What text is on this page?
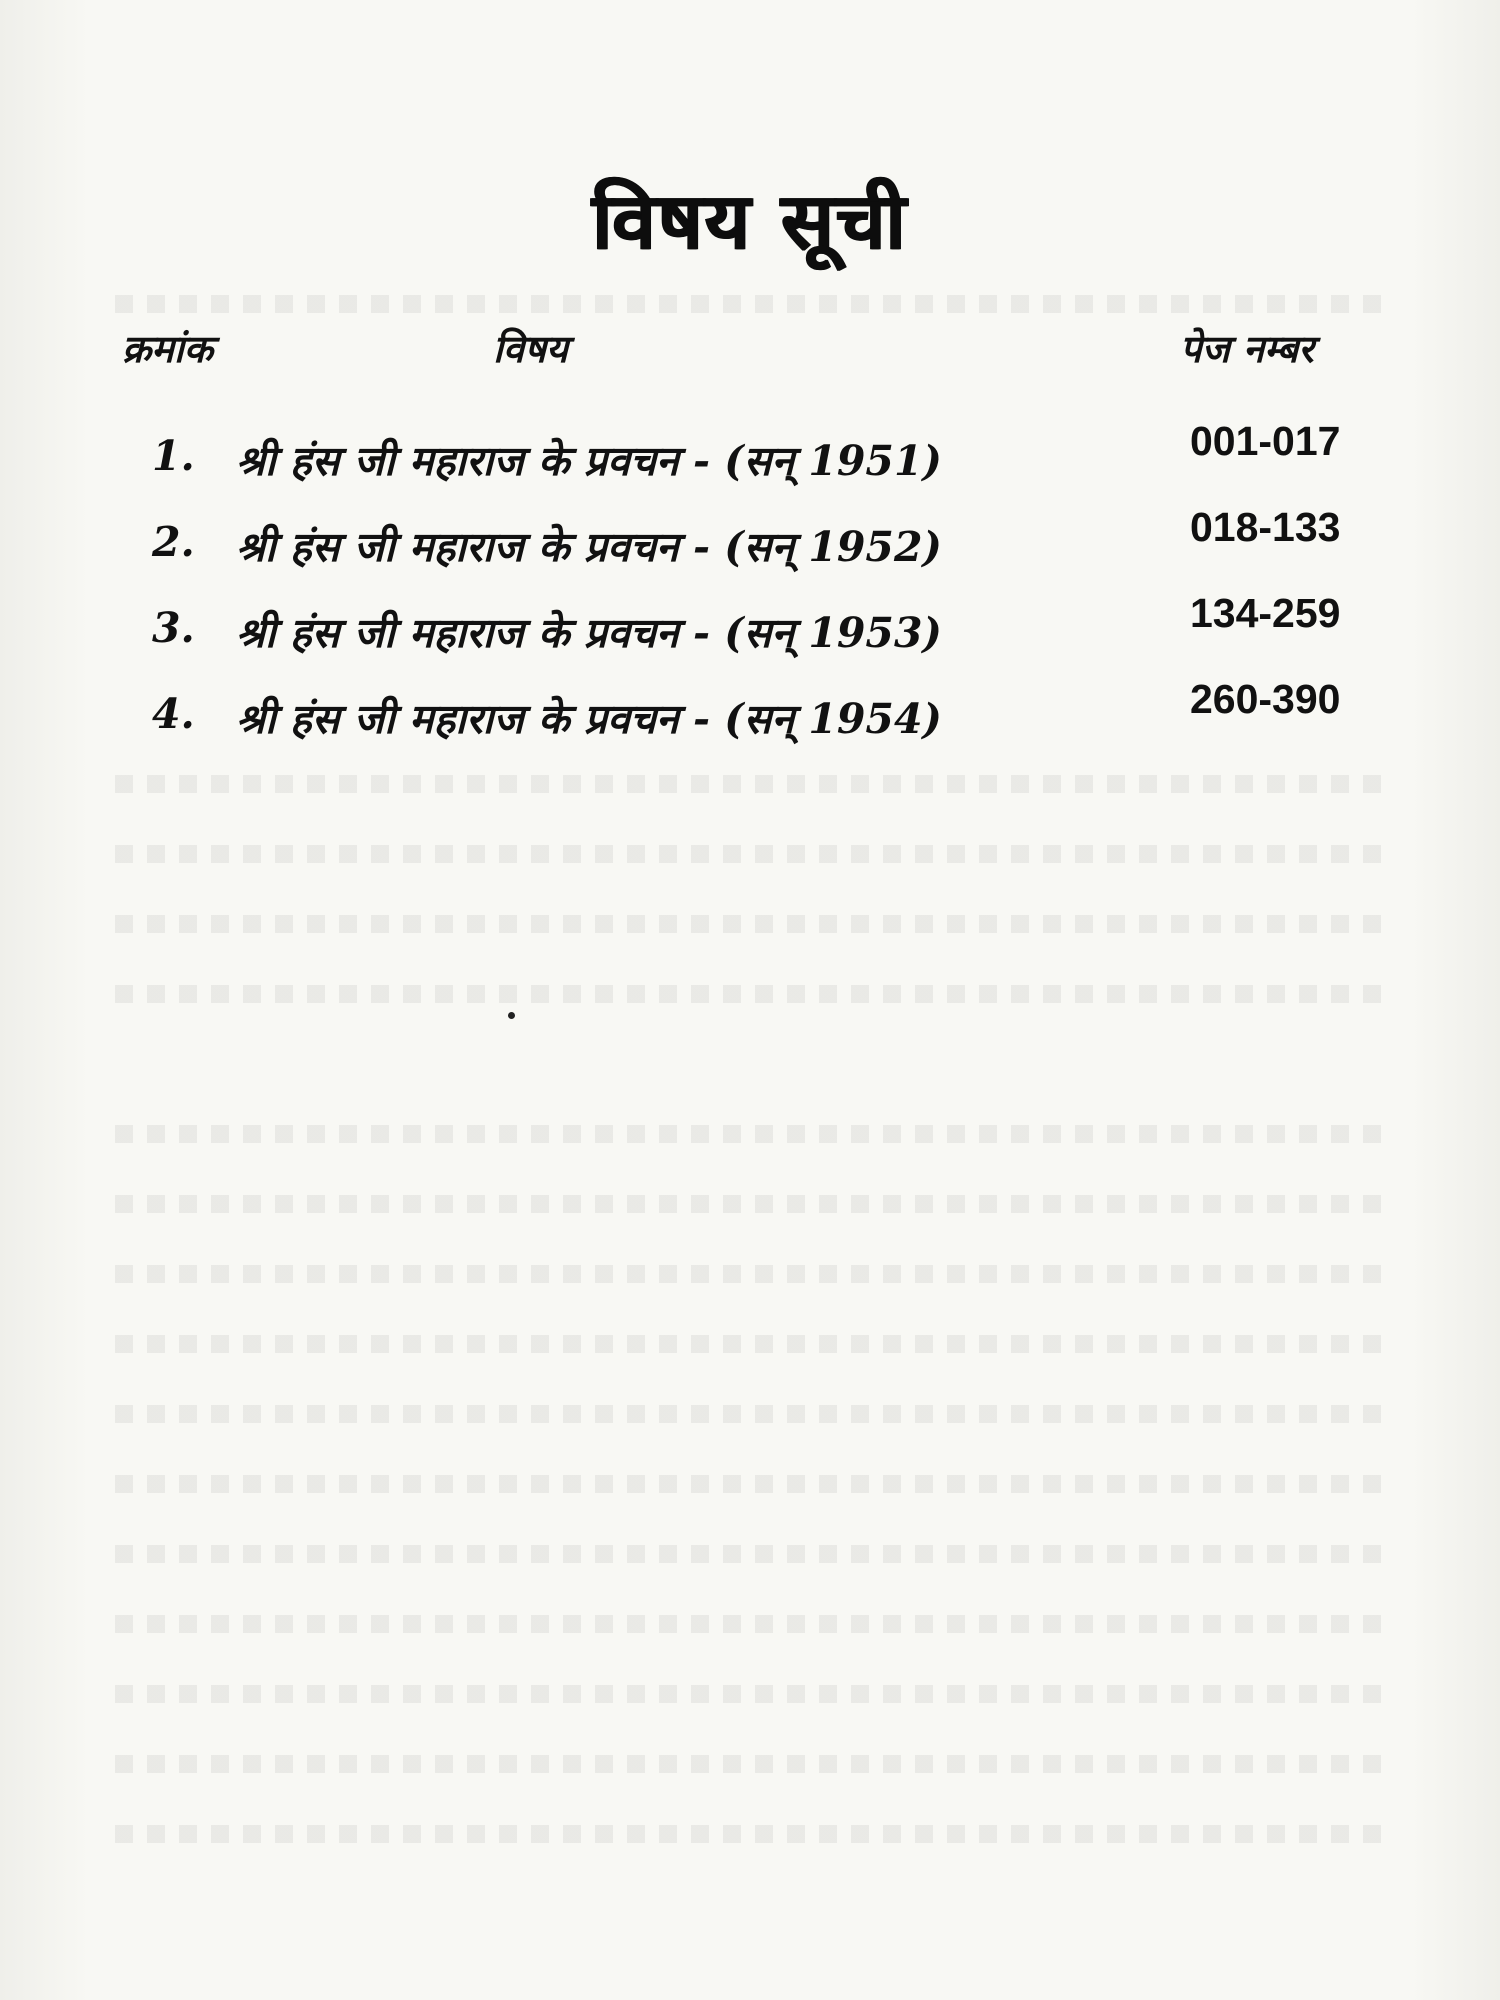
विषय सूची
क्रमांक	विषय	पेज नम्बर
1. श्री हंस जी महाराज के प्रवचन - (सन् 1951)	001-017
2. श्री हंस जी महाराज के प्रवचन - (सन् 1952)	018-133
3. श्री हंस जी महाराज के प्रवचन - (सन् 1953)	134-259
4. श्री हंस जी महाराज के प्रवचन - (सन् 1954)	260-390
